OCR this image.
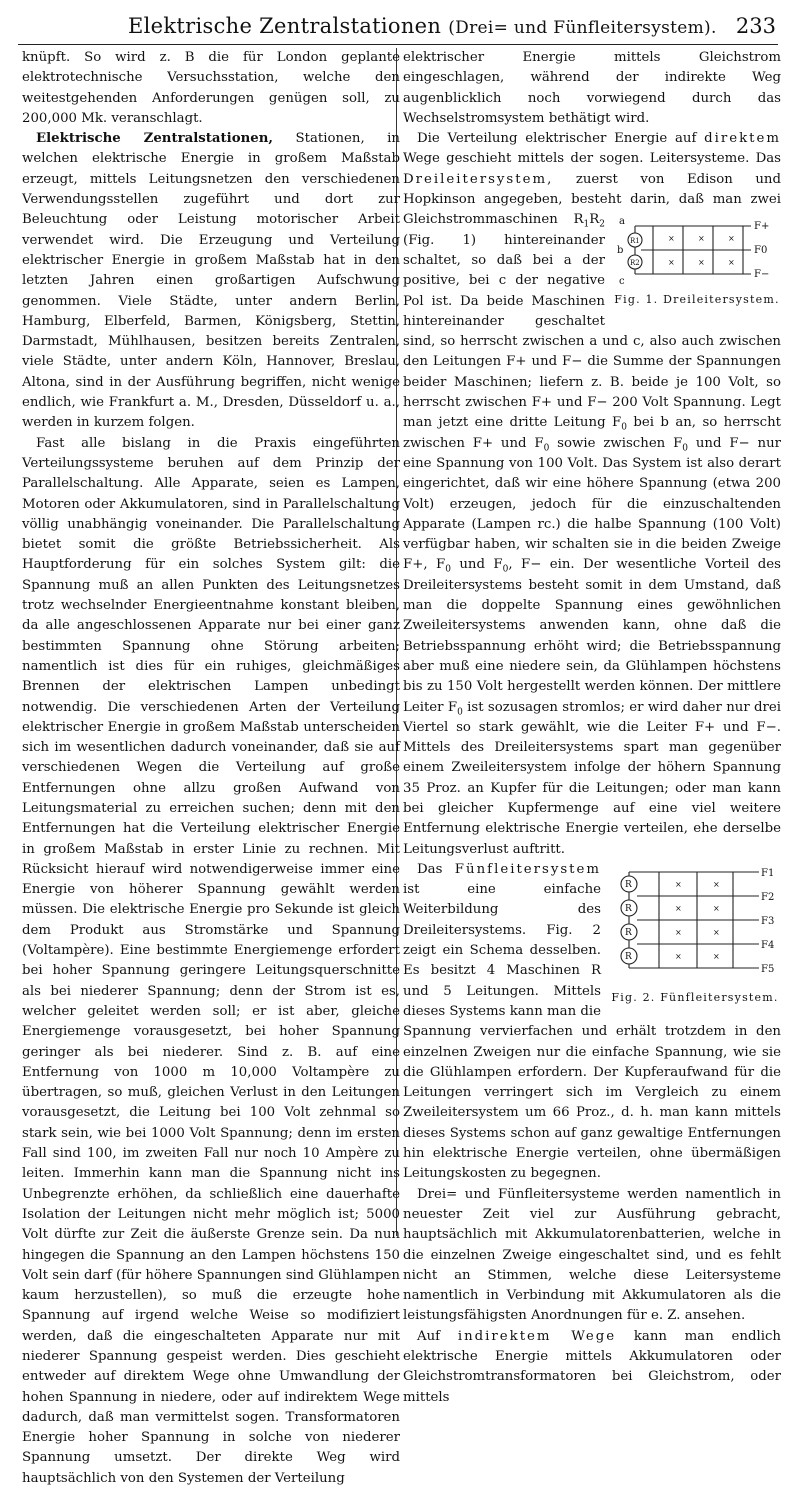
Elektrische Zentralstationen (Drei= und Fünfleitersystem). 233

knüpft. So wird z. B die für London geplante elektrotechnische Versuchsstation, welche den weitestgehenden Anforderungen genügen soll, zu 200,000 Mk. veranschlagt.

Elektrische Zentralstationen, Stationen, in welchen elektrische Energie in großem Maßstab erzeugt, mittels Leitungsnetzen den verschiedenen Verwendungsstellen zugeführt und dort zur Beleuchtung oder Leistung motorischer Arbeit verwendet wird. Die Erzeugung und Verteilung elektrischer Energie in großem Maßstab hat in den letzten Jahren einen großartigen Aufschwung genommen. Viele Städte, unter andern Berlin, Hamburg, Elberfeld, Barmen, Königsberg, Stettin, Darmstadt, Mühlhausen, besitzen bereits Zentralen, viele Städte, unter andern Köln, Hannover, Breslau, Altona, sind in der Ausführung begriffen, nicht wenige endlich, wie Frankfurt a. M., Dresden, Düsseldorf u. a., werden in kurzem folgen.

Fast alle bislang in die Praxis eingeführten Verteilungssysteme beruhen auf dem Prinzip der Parallelschaltung. Alle Apparate, seien es Lampen, Motoren oder Akkumulatoren, sind in Parallelschaltung völlig unabhängig voneinander. Die Parallelschaltung bietet somit die größte Betriebssicherheit. Als Hauptforderung für ein solches System gilt: die Spannung muß an allen Punkten des Leitungsnetzes trotz wechselnder Energieentnahme konstant bleiben, da alle angeschlossenen Apparate nur bei einer ganz bestimmten Spannung ohne Störung arbeiten; namentlich ist dies für ein ruhiges, gleichmäßiges Brennen der elektrischen Lampen unbedingt notwendig. Die verschiedenen Arten der Verteilung elektrischer Energie in großem Maßstab unterscheiden sich im wesentlichen dadurch voneinander, daß sie auf verschiedenen Wegen die Verteilung auf große Entfernungen ohne allzu großen Aufwand von Leitungsmaterial zu erreichen suchen; denn mit den Entfernungen hat die Verteilung elektrischer Energie in großem Maßstab in erster Linie zu rechnen. Mit Rücksicht hierauf wird notwendigerweise immer eine Energie von höherer Spannung gewählt werden müssen. Die elektrische Energie pro Sekunde ist gleich dem Produkt aus Stromstärke und Spannung (Voltampère). Eine bestimmte Energiemenge erfordert bei hoher Spannung geringere Leitungsquerschnitte als bei niederer Spannung; denn der Strom ist es, welcher geleitet werden soll; er ist aber, gleiche Energiemenge vorausgesetzt, bei hoher Spannung geringer als bei niederer. Sind z. B. auf eine Entfernung von 1000 m 10,000 Voltampère zu übertragen, so muß, gleichen Verlust in den Leitungen vorausgesetzt, die Leitung bei 100 Volt zehnmal so stark sein, wie bei 1000 Volt Spannung; denn im ersten Fall sind 100, im zweiten Fall nur noch 10 Ampère zu leiten. Immerhin kann man die Spannung nicht ins Unbegrenzte erhöhen, da schließlich eine dauerhafte Isolation der Leitungen nicht mehr möglich ist; 5000 Volt dürfte zur Zeit die äußerste Grenze sein. Da nun hingegen die Spannung an den Lampen höchstens 150 Volt sein darf (für höhere Spannungen sind Glühlampen kaum herzustellen), so muß die erzeugte hohe Spannung auf irgend welche Weise so modifiziert werden, daß die eingeschalteten Apparate nur mit niederer Spannung gespeist werden. Dies geschieht entweder auf direktem Wege ohne Umwandlung der hohen Spannung in niedere, oder auf indirektem Wege dadurch, daß man vermittelst sogen. Transformatoren Energie hoher Spannung in solche von niederer Spannung umsetzt. Der direkte Weg wird hauptsächlich von den Systemen der Verteilung

elektrischer Energie mittels Gleichstrom eingeschlagen, während der indirekte Weg augenblicklich noch vorwiegend durch das Wechselstromsystem bethätigt wird.

Die Verteilung elektrischer Energie auf direktem Wege geschieht mittels der sogen. Leitersysteme. Das Dreileitersystem, zuerst von Edison und Hopkinson angegeben, besteht darin, daß man zwei Gleichstrommaschinen $R_1R_2$
×	×	×
×	×	×
a
b
c
R1
R2
F+
F0
F−
Fig. 1. Dreileitersystem.
(Fig. 1) hintereinander schaltet, so daß bei a der positive, bei c der negative Pol ist. Da beide Maschinen hintereinander geschaltet sind, so herrscht zwischen a und c, also auch zwischen den Leitungen F+ und F− die Summe der Spannungen beider Maschinen; liefern z. B. beide je 100 Volt, so herrscht zwischen F+ und F− 200 Volt Spannung. Legt man jetzt eine dritte Leitung $F_0$ bei b an, so herrscht zwischen F+ und $F_0$ sowie zwischen $F_0$ und F− nur eine Spannung von 100 Volt. Das System ist also derart eingerichtet, daß wir eine höhere Spannung (etwa 200 Volt) erzeugen, jedoch für die einzuschaltenden Apparate (Lampen rc.) die halbe Spannung (100 Volt) verfügbar haben, wir schalten sie in die beiden Zweige F+, $F_0$ und $F_0$, F− ein. Der wesentliche Vorteil des Dreileitersystems besteht somit in dem Umstand, daß man die doppelte Spannung eines gewöhnlichen Zweileitersystems anwenden kann, ohne daß die Betriebsspannung erhöht wird; die Betriebsspannung aber muß eine niedere sein, da Glühlampen höchstens bis zu 150 Volt hergestellt werden können. Der mittlere Leiter $F_0$ ist sozusagen stromlos; er wird daher nur drei Viertel so stark gewählt, wie die Leiter F+ und F−. Mittels des Dreileitersystems spart man gegenüber einem Zweileitersystem infolge der höhern Spannung 35 Proz. an Kupfer für die Leitungen; oder man kann bei gleicher Kupfermenge auf eine viel weitere Entfernung elektrische Energie verteilen, ehe derselbe Leitungsverlust auftritt.

Das Fünfleitersystem
×	×
×	×
×	×
×	×
R
R
R
R
F1
F2
F3
F4
F5
Fig. 2. Fünfleitersystem.
ist eine einfache Weiterbildung des Dreileitersystems. Fig. 2 zeigt ein Schema desselben. Es besitzt 4 Maschinen R und 5 Leitungen. Mittels dieses Systems kann man die Spannung vervierfachen und erhält trotzdem in den einzelnen Zweigen nur die einfache Spannung, wie sie die Glühlampen erfordern. Der Kupferaufwand für die Leitungen verringert sich im Vergleich zu einem Zweileitersystem um 66 Proz., d. h. man kann mittels dieses Systems schon auf ganz gewaltige Entfernungen hin elektrische Energie verteilen, ohne übermäßigen Leitungskosten zu begegnen.

Drei= und Fünfleitersysteme werden namentlich in neuester Zeit viel zur Ausführung gebracht, hauptsächlich mit Akkumulatorenbatterien, welche in die einzelnen Zweige eingeschaltet sind, und es fehlt nicht an Stimmen, welche diese Leitersysteme namentlich in Verbindung mit Akkumulatoren als die leistungsfähigsten Anordnungen für e. Z. ansehen.

Auf indirektem Wege kann man endlich elektrische Energie mittels Akkumulatoren oder Gleichstromtransformatoren bei Gleichstrom, oder mittels
